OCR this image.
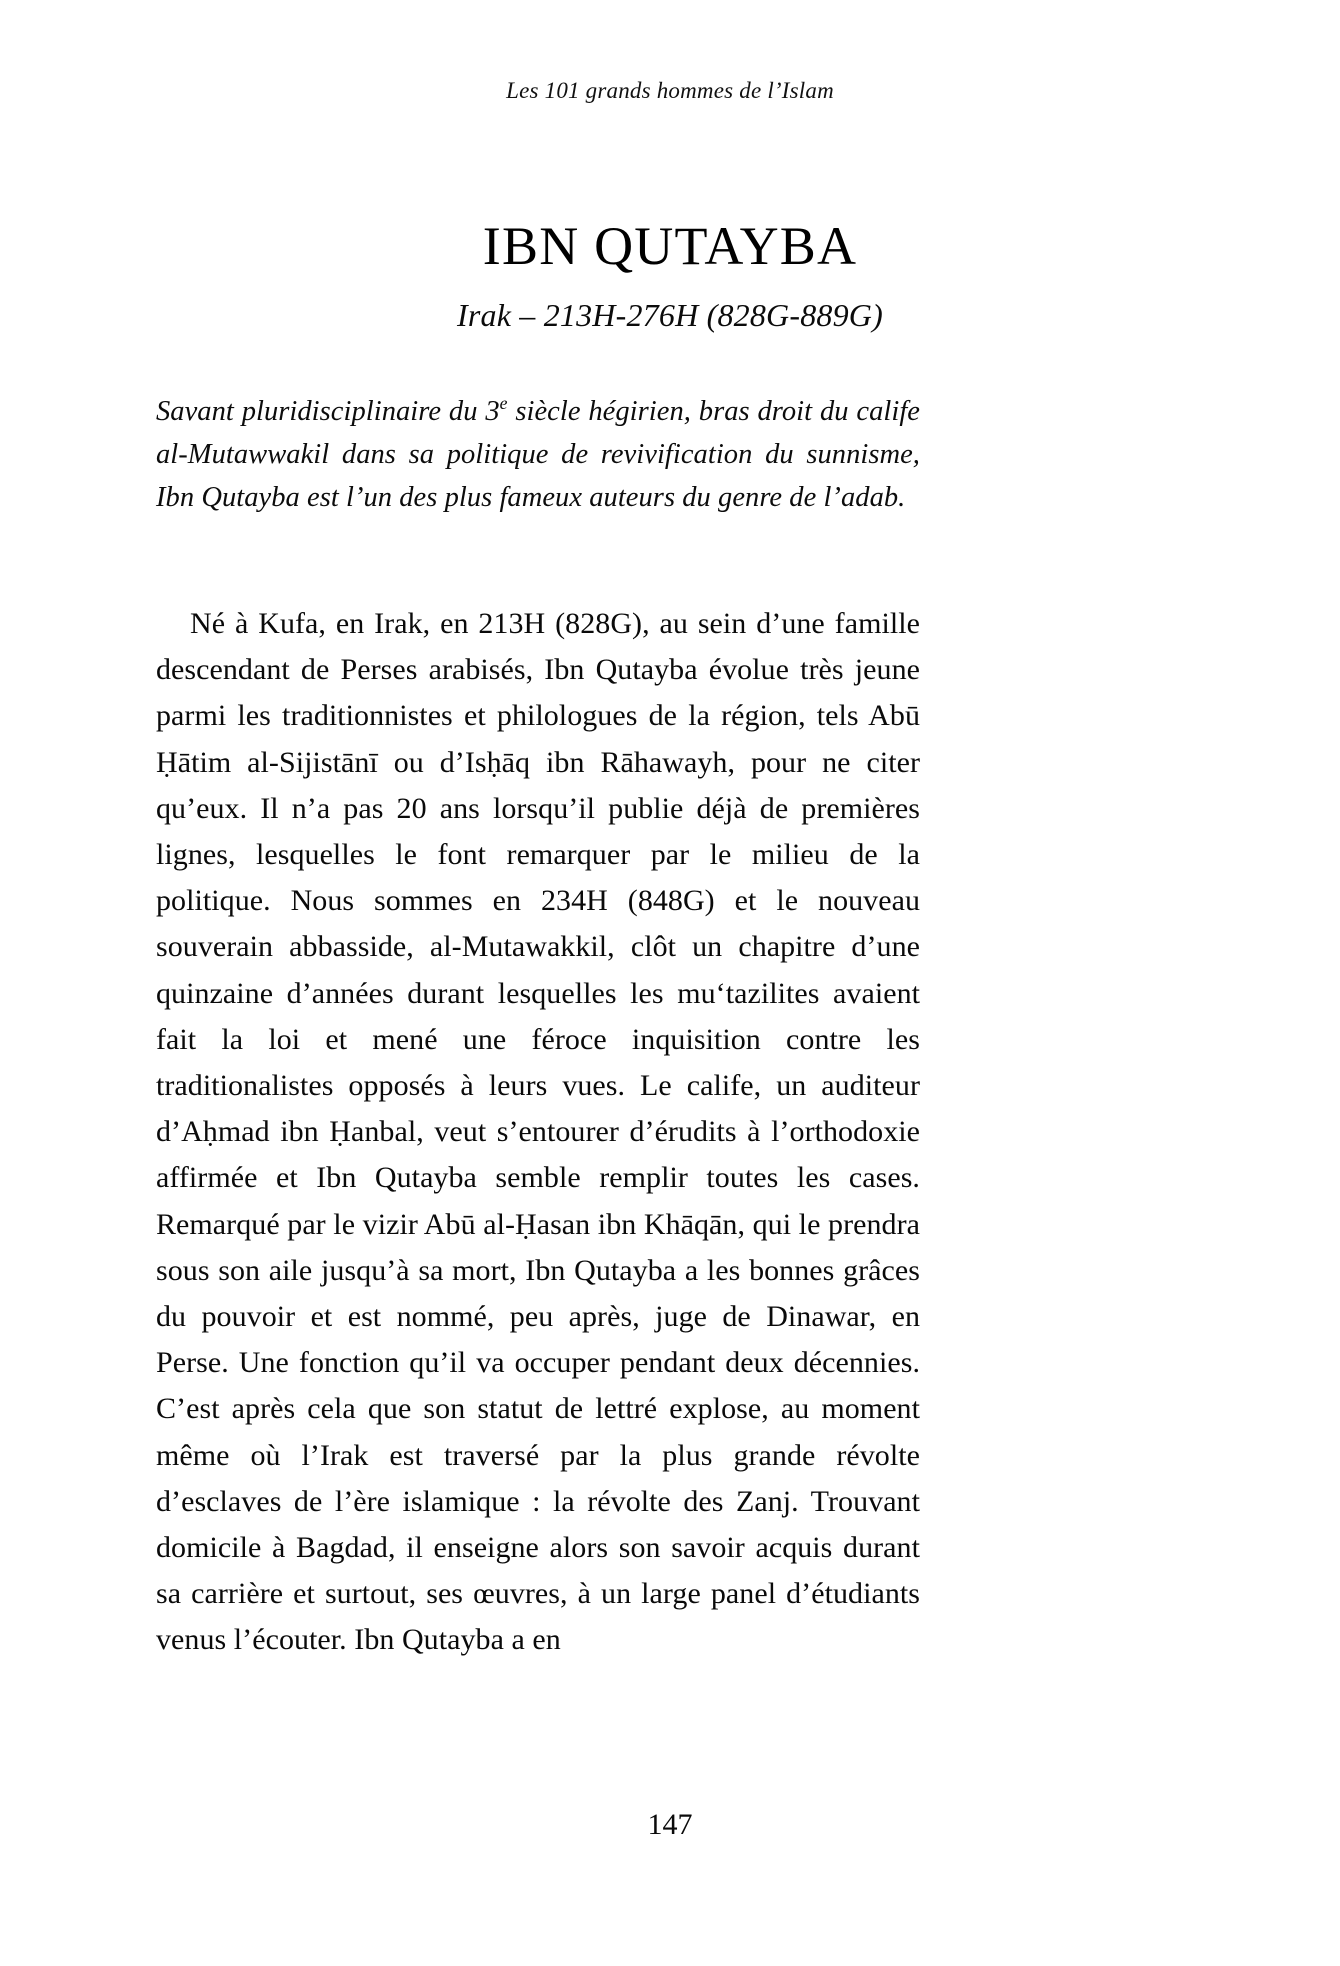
Les 101 grands hommes de l’Islam
IBN QUTAYBA
Irak – 213H-276H (828G-889G)

Savant pluridisciplinaire du 3e siècle hégirien, bras droit du calife al-Mutawwakil dans sa politique de revivification du sunnisme, Ibn Qutayba est l’un des plus fameux auteurs du genre de l’adab.

Né à Kufa, en Irak, en 213H (828G), au sein d’une famille descendant de Perses arabisés, Ibn Qutayba évolue très jeune parmi les traditionnistes et philologues de la région, tels Abū Ḥātim al-Sijistānī ou d’Isḥāq ibn Rāhawayh, pour ne citer qu’eux. Il n’a pas 20 ans lorsqu’il publie déjà de premières lignes, lesquelles le font remarquer par le milieu de la politique. Nous sommes en 234H (848G) et le nouveau souverain abbasside, al-Mutawakkil, clôt un chapitre d’une quinzaine d’années durant lesquelles les muʻtazilites avaient fait la loi et mené une féroce inquisition contre les traditionalistes opposés à leurs vues. Le calife, un auditeur d’Aḥmad ibn Ḥanbal, veut s’entourer d’érudits à l’orthodoxie affirmée et Ibn Qutayba semble remplir toutes les cases. Remarqué par le vizir Abū al-Ḥasan ibn Khāqān, qui le prendra sous son aile jusqu’à sa mort, Ibn Qutayba a les bonnes grâces du pouvoir et est nommé, peu après, juge de Dinawar, en Perse. Une fonction qu’il va occuper pendant deux décennies. C’est après cela que son statut de lettré explose, au moment même où l’Irak est traversé par la plus grande révolte d’esclaves de l’ère islamique : la révolte des Zanj. Trouvant domicile à Bagdad, il enseigne alors son savoir acquis durant sa carrière et surtout, ses œuvres, à un large panel d’étudiants venus l’écouter. Ibn Qutayba a en

147
